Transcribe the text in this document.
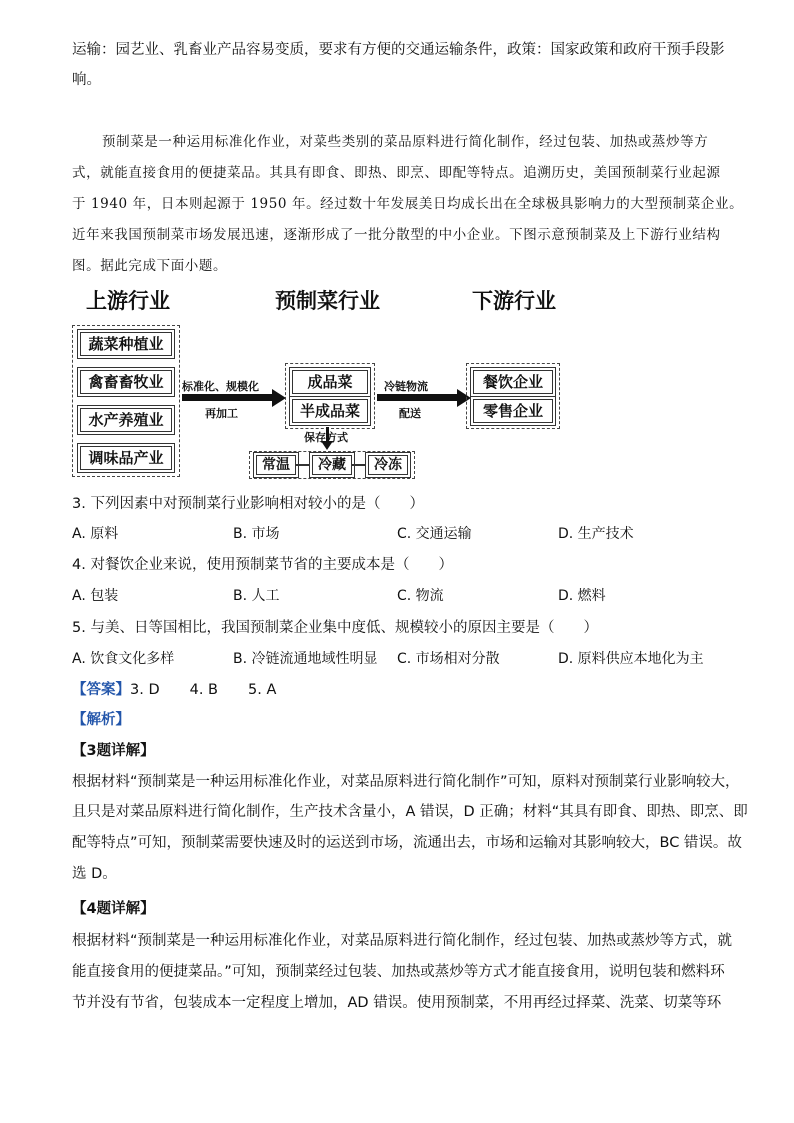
运输：园艺业、乳畜业产品容易变质，要求有方便的交通运输条件，政策：国家政策和政府干预手段影
响。
预制菜是一种运用标准化作业，对菜些类别的菜品原料进行简化制作，经过包装、加热或蒸炒等方
式，就能直接食用的便捷菜品。其具有即食、即热、即烹、即配等特点。追溯历史，美国预制菜行业起源
于 1940 年，日本则起源于 1950 年。经过数十年发展美日均成长出在全球极具影响力的大型预制菜企业。
近年来我国预制菜市场发展迅速，逐渐形成了一批分散型的中小企业。下图示意预制菜及上下游行业结构
图。据此完成下面小题。
上游行业	预制菜行业	下游行业
蔬菜种植业
禽畜畜牧业
水产养殖业
调味品产业
标准化、规模化
再加工
成品菜
半成品菜
冷链物流
配送
餐饮企业
零售企业
保存方式
常温	冷藏	冷冻
3. 下列因素中对预制菜行业影响相对较小的是（　　）
A. 原料	B. 市场	C. 交通运输	D. 生产技术
4. 对餐饮企业来说，使用预制菜节省的主要成本是（　　）
A. 包装	B. 人工	C. 物流	D. 燃料
5. 与美、日等国相比，我国预制菜企业集中度低、规模较小的原因主要是（　　）
A. 饮食文化多样	B. 冷链流通地域性明显 C. 市场相对分散	D. 原料供应本地化为主
【答案】3. D 4. B 5. A
【解析】
【3题详解】
根据材料“预制菜是一种运用标准化作业，对菜品原料进行简化制作”可知，原料对预制菜行业影响较大，
且只是对菜品原料进行简化制作，生产技术含量小，A 错误，D 正确；材料“其具有即食、即热、即烹、即
配等特点”可知，预制菜需要快速及时的运送到市场，流通出去，市场和运输对其影响较大，BC 错误。故
选 D。
【4题详解】
根据材料“预制菜是一种运用标准化作业，对菜品原料进行简化制作，经过包装、加热或蒸炒等方式，就
能直接食用的便捷菜品。”可知，预制菜经过包装、加热或蒸炒等方式才能直接食用，说明包装和燃料环
节并没有节省，包装成本一定程度上增加，AD 错误。使用预制菜，不用再经过择菜、洗菜、切菜等环
